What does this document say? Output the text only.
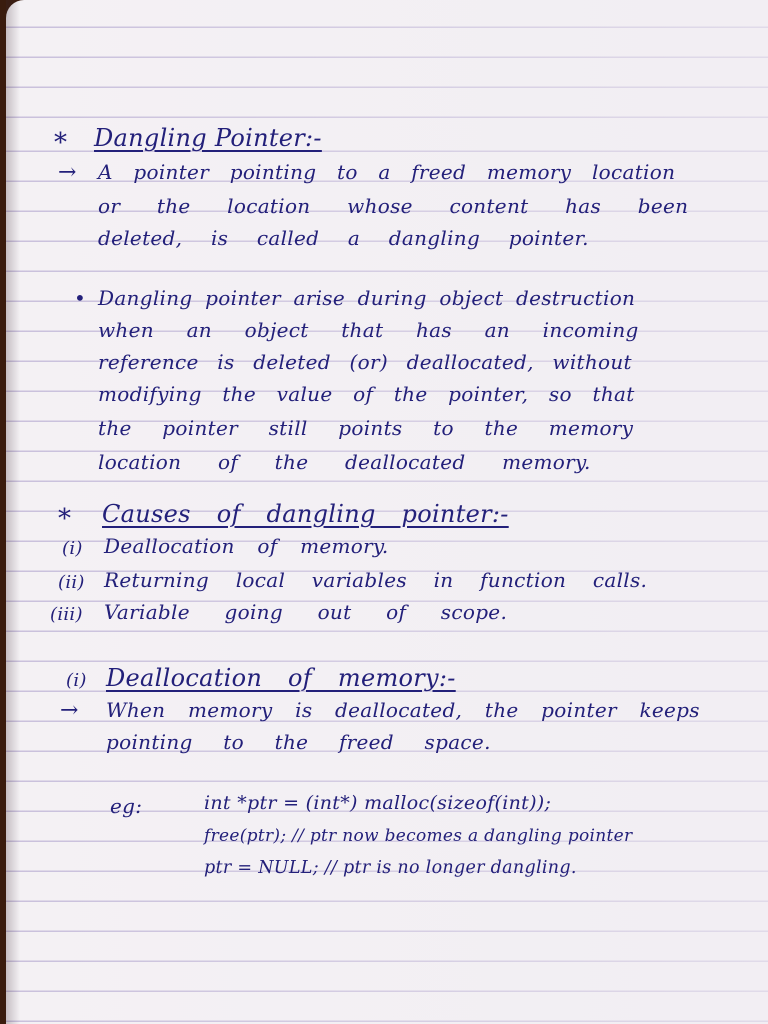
* Dangling Pointer:-
→ A pointer pointing to a freed memory location
or the location whose content has been
deleted, is called a dangling pointer.
• Dangling pointer arise during object destruction
when an object that has an incoming
reference is deleted (or) deallocated, without
modifying the value of the pointer, so that
the pointer still points to the memory
location of the deallocated memory.
* Causes of dangling pointer:-
(i) Deallocation of memory.
(ii) Returning local variables in function calls.
(iii) Variable going out of scope.
(i) Deallocation of memory:-
→ When memory is deallocated, the pointer keeps
pointing to the freed space.
eg:	int *ptr = (int*) malloc(sizeof(int));
free(ptr); // ptr now becomes a dangling pointer
ptr = NULL; // ptr is no longer dangling.
